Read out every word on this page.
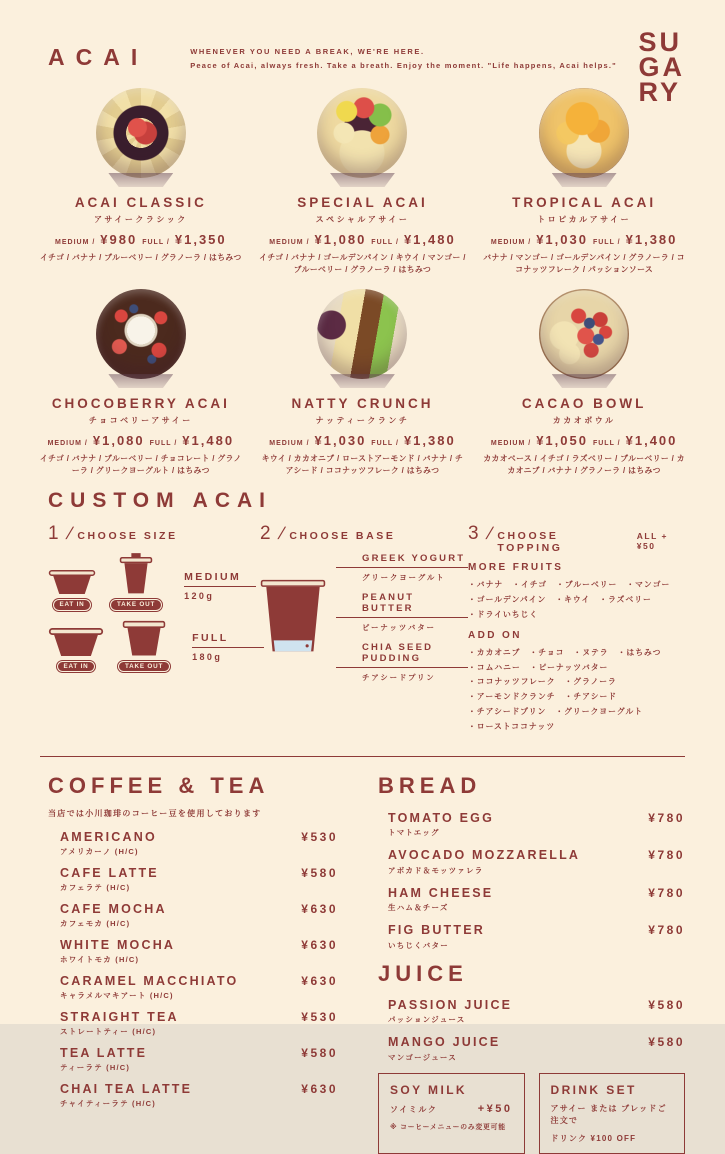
ACAI	WHENEVER YOU NEED A BREAK, WE'RE HERE.
Peace of Acai, always fresh. Take a breath. Enjoy the moment. "Life happens, Acai helps."
SU
GA
RY
ACAI CLASSIC
アサイークラシック
MEDIUM / ¥980 FULL / ¥1,350
イチゴ / バナナ / ブルーベリー / グラノーラ / はちみつ
SPECIAL ACAI
スペシャルアサイー
MEDIUM / ¥1,080 FULL / ¥1,480
イチゴ / バナナ / ゴールデンパイン / キウイ / マンゴー / ブルーベリー / グラノーラ / はちみつ
TROPICAL ACAI
トロピカルアサイー
MEDIUM / ¥1,030 FULL / ¥1,380
バナナ / マンゴー / ゴールデンパイン / グラノーラ / ココナッツフレーク / パッションソース
CHOCOBERRY ACAI
チョコベリーアサイー
MEDIUM / ¥1,080 FULL / ¥1,480
イチゴ / バナナ / ブルーベリー / チョコレート / グラノーラ / グリークヨーグルト / はちみつ
NATTY CRUNCH
ナッティークランチ
MEDIUM / ¥1,030 FULL / ¥1,380
キウイ / カカオニブ / ローストアーモンド / バナナ / チアシード / ココナッツフレーク / はちみつ
CACAO BOWL
カカオボウル
MEDIUM / ¥1,050 FULL / ¥1,400
カカオベース / イチゴ / ラズベリー / ブルーベリー / カカオニブ / バナナ / グラノーラ / はちみつ
CUSTOM ACAI
1 / CHOOSE SIZE
EAT IN	TAKE OUT
MEDIUM
120g
EAT IN	TAKE OUT
FULL
180g
2 / CHOOSE BASE
GREEK YOGURT
グリークヨーグルト
PEANUT BUTTER
ピーナッツバター
CHIA SEED PUDDING
チアシードプリン
3 / CHOOSE TOPPING
ALL +¥50
MORE FRUITS
・バナナ ・イチゴ ・ブルーベリー ・マンゴー
・ゴールデンパイン ・キウイ ・ラズベリー
・ドライいちじく
ADD ON
・カカオニブ ・チョコ ・ヌテラ ・はちみつ
・コムハニー ・ピーナッツバター
・ココナッツフレーク ・グラノーラ
・アーモンドクランチ ・チアシード
・チアシードプリン ・グリークヨーグルト
・ローストココナッツ
COFFEE & TEA
当店では小川珈琲のコーヒー豆を使用しております
AMERICANO	¥530
アメリカーノ (H/C)
CAFE LATTE	¥580
カフェラテ (H/C)
CAFE MOCHA	¥630
カフェモカ (H/C)
WHITE MOCHA	¥630
ホワイトモカ (H/C)
CARAMEL MACCHIATO	¥630
キャラメルマキアート (H/C)
STRAIGHT TEA	¥530
ストレートティー (H/C)
TEA LATTE	¥580
ティーラテ (H/C)
CHAI TEA LATTE	¥630
チャイティーラテ (H/C)
BREAD
TOMATO EGG	¥780
トマトエッグ
AVOCADO MOZZARELLA	¥780
アボカド＆モッツァレラ
HAM CHEESE	¥780
生ハム＆チーズ
FIG BUTTER	¥780
いちじくバター
JUICE
PASSION JUICE	¥580
パッションジュース
MANGO JUICE	¥580
マンゴージュース
SOY MILK
ソイミルク	+¥50
※ コーヒーメニューのみ変更可能
DRINK SET
アサイー または ブレッドご注文で
ドリンク ¥100 OFF
